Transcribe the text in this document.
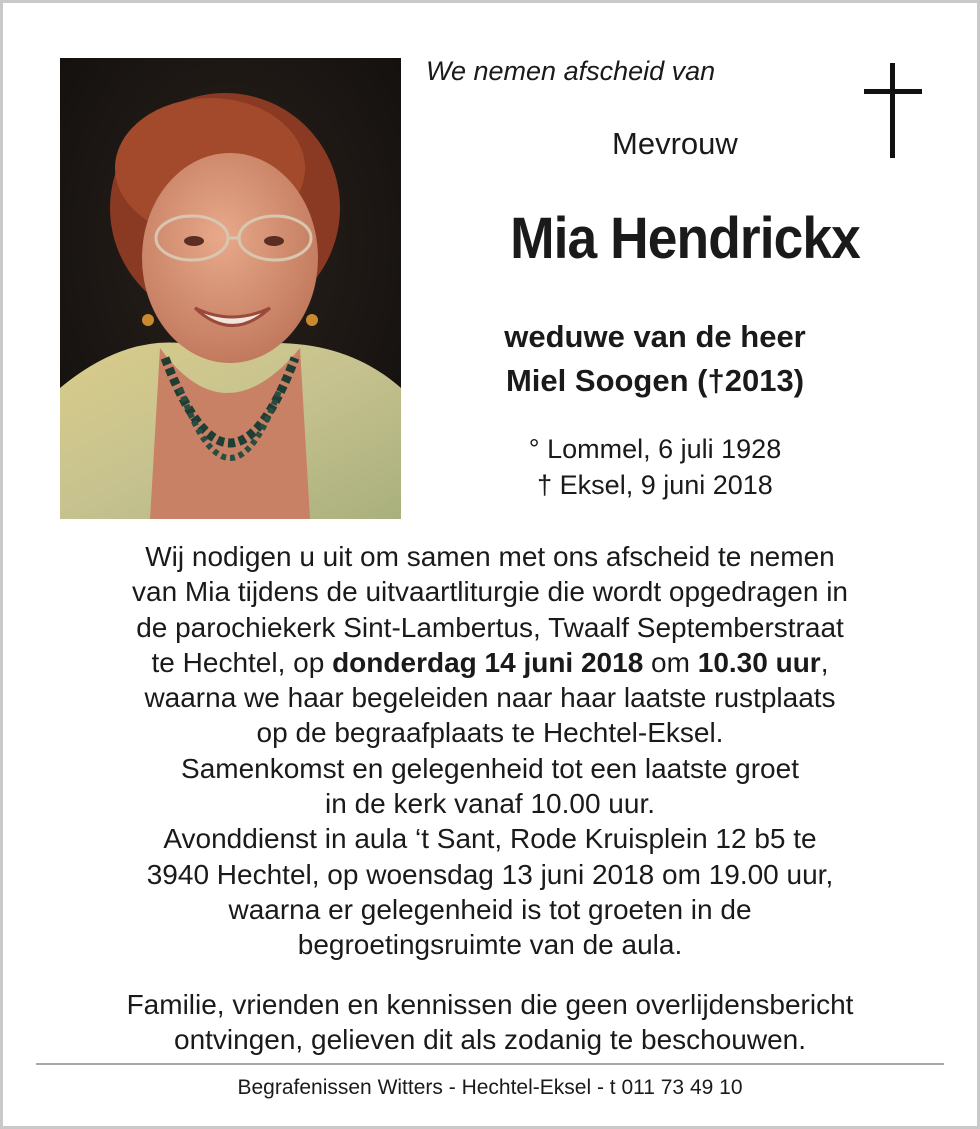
We nemen afscheid van
Mevrouw
Mia Hendrickx
weduwe van de heer
Miel Soogen (†2013)
° Lommel, 6 juli 1928
† Eksel, 9 juni 2018
Wij nodigen u uit om samen met ons afscheid te nemen
van Mia tijdens de uitvaartliturgie die wordt opgedragen in
de parochiekerk Sint-Lambertus, Twaalf Septemberstraat
te Hechtel, op donderdag 14 juni 2018 om 10.30 uur,
waarna we haar begeleiden naar haar laatste rustplaats
op de begraafplaats te Hechtel-Eksel.
Samenkomst en gelegenheid tot een laatste groet
in de kerk vanaf 10.00 uur.
Avonddienst in aula ‘t Sant, Rode Kruisplein 12 b5 te
3940 Hechtel, op woensdag 13 juni 2018 om 19.00 uur,
waarna er gelegenheid is tot groeten in de
begroetingsruimte van de aula.
Familie, vrienden en kennissen die geen overlijdensbericht
ontvingen, gelieven dit als zodanig te beschouwen.
Begrafenissen Witters - Hechtel-Eksel - t 011 73 49 10
